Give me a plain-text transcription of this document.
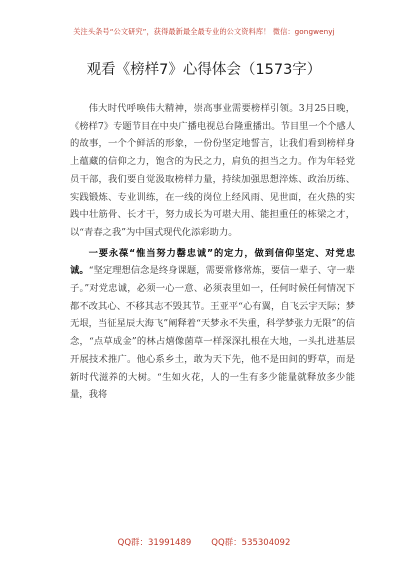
关注头条号“公文研究”，获得最新最全最专业的公文资料库！ 微信：gongwenyj
观看《榜样7》心得体会（1573字）

伟大时代呼唤伟大精神，崇高事业需要榜样引领。3月25日晚，《榜样7》专题节目在中央广播电视总台隆重播出。节目里一个个感人的故事，一个个鲜活的形象，一份份坚定地誓言，让我们看到榜样身上蕴藏的信仰之力，饱含的为民之力，肩负的担当之力。作为年轻党员干部，我们要自觉汲取榜样力量，持续加强思想淬炼、政治历练、实践锻炼、专业训练，在一线的岗位上经风雨、见世面，在火热的实践中壮筋骨、长才干，努力成长为可堪大用、能担重任的栋梁之才，以“青春之我”为中国式现代化添彩助力。

一要永葆“惟当努力罄忠诚”的定力，做到信仰坚定、对党忠诚。“坚定理想信念是终身课题，需要常修常炼，要信一辈子、守一辈子。”对党忠诚，必须一心一意、必须表里如一，任何时候任何情况下都不改其心、不移其志不毁其节。王亚平“心有翼，自飞云宇天际；梦无垠，当征星辰大海飞”阐释着“天梦永不失重，科学梦张力无限”的信念，“点草成金”的林占熺像菌草一样深深扎根在大地，一头扎进基层开展技术推广。他心系乡土，敢为天下先，他不是田间的野草，而是新时代滋养的大树。“生如火花，人的一生有多少能量就释放多少能量，我将

QQ群：31991489 QQ群：535304092
